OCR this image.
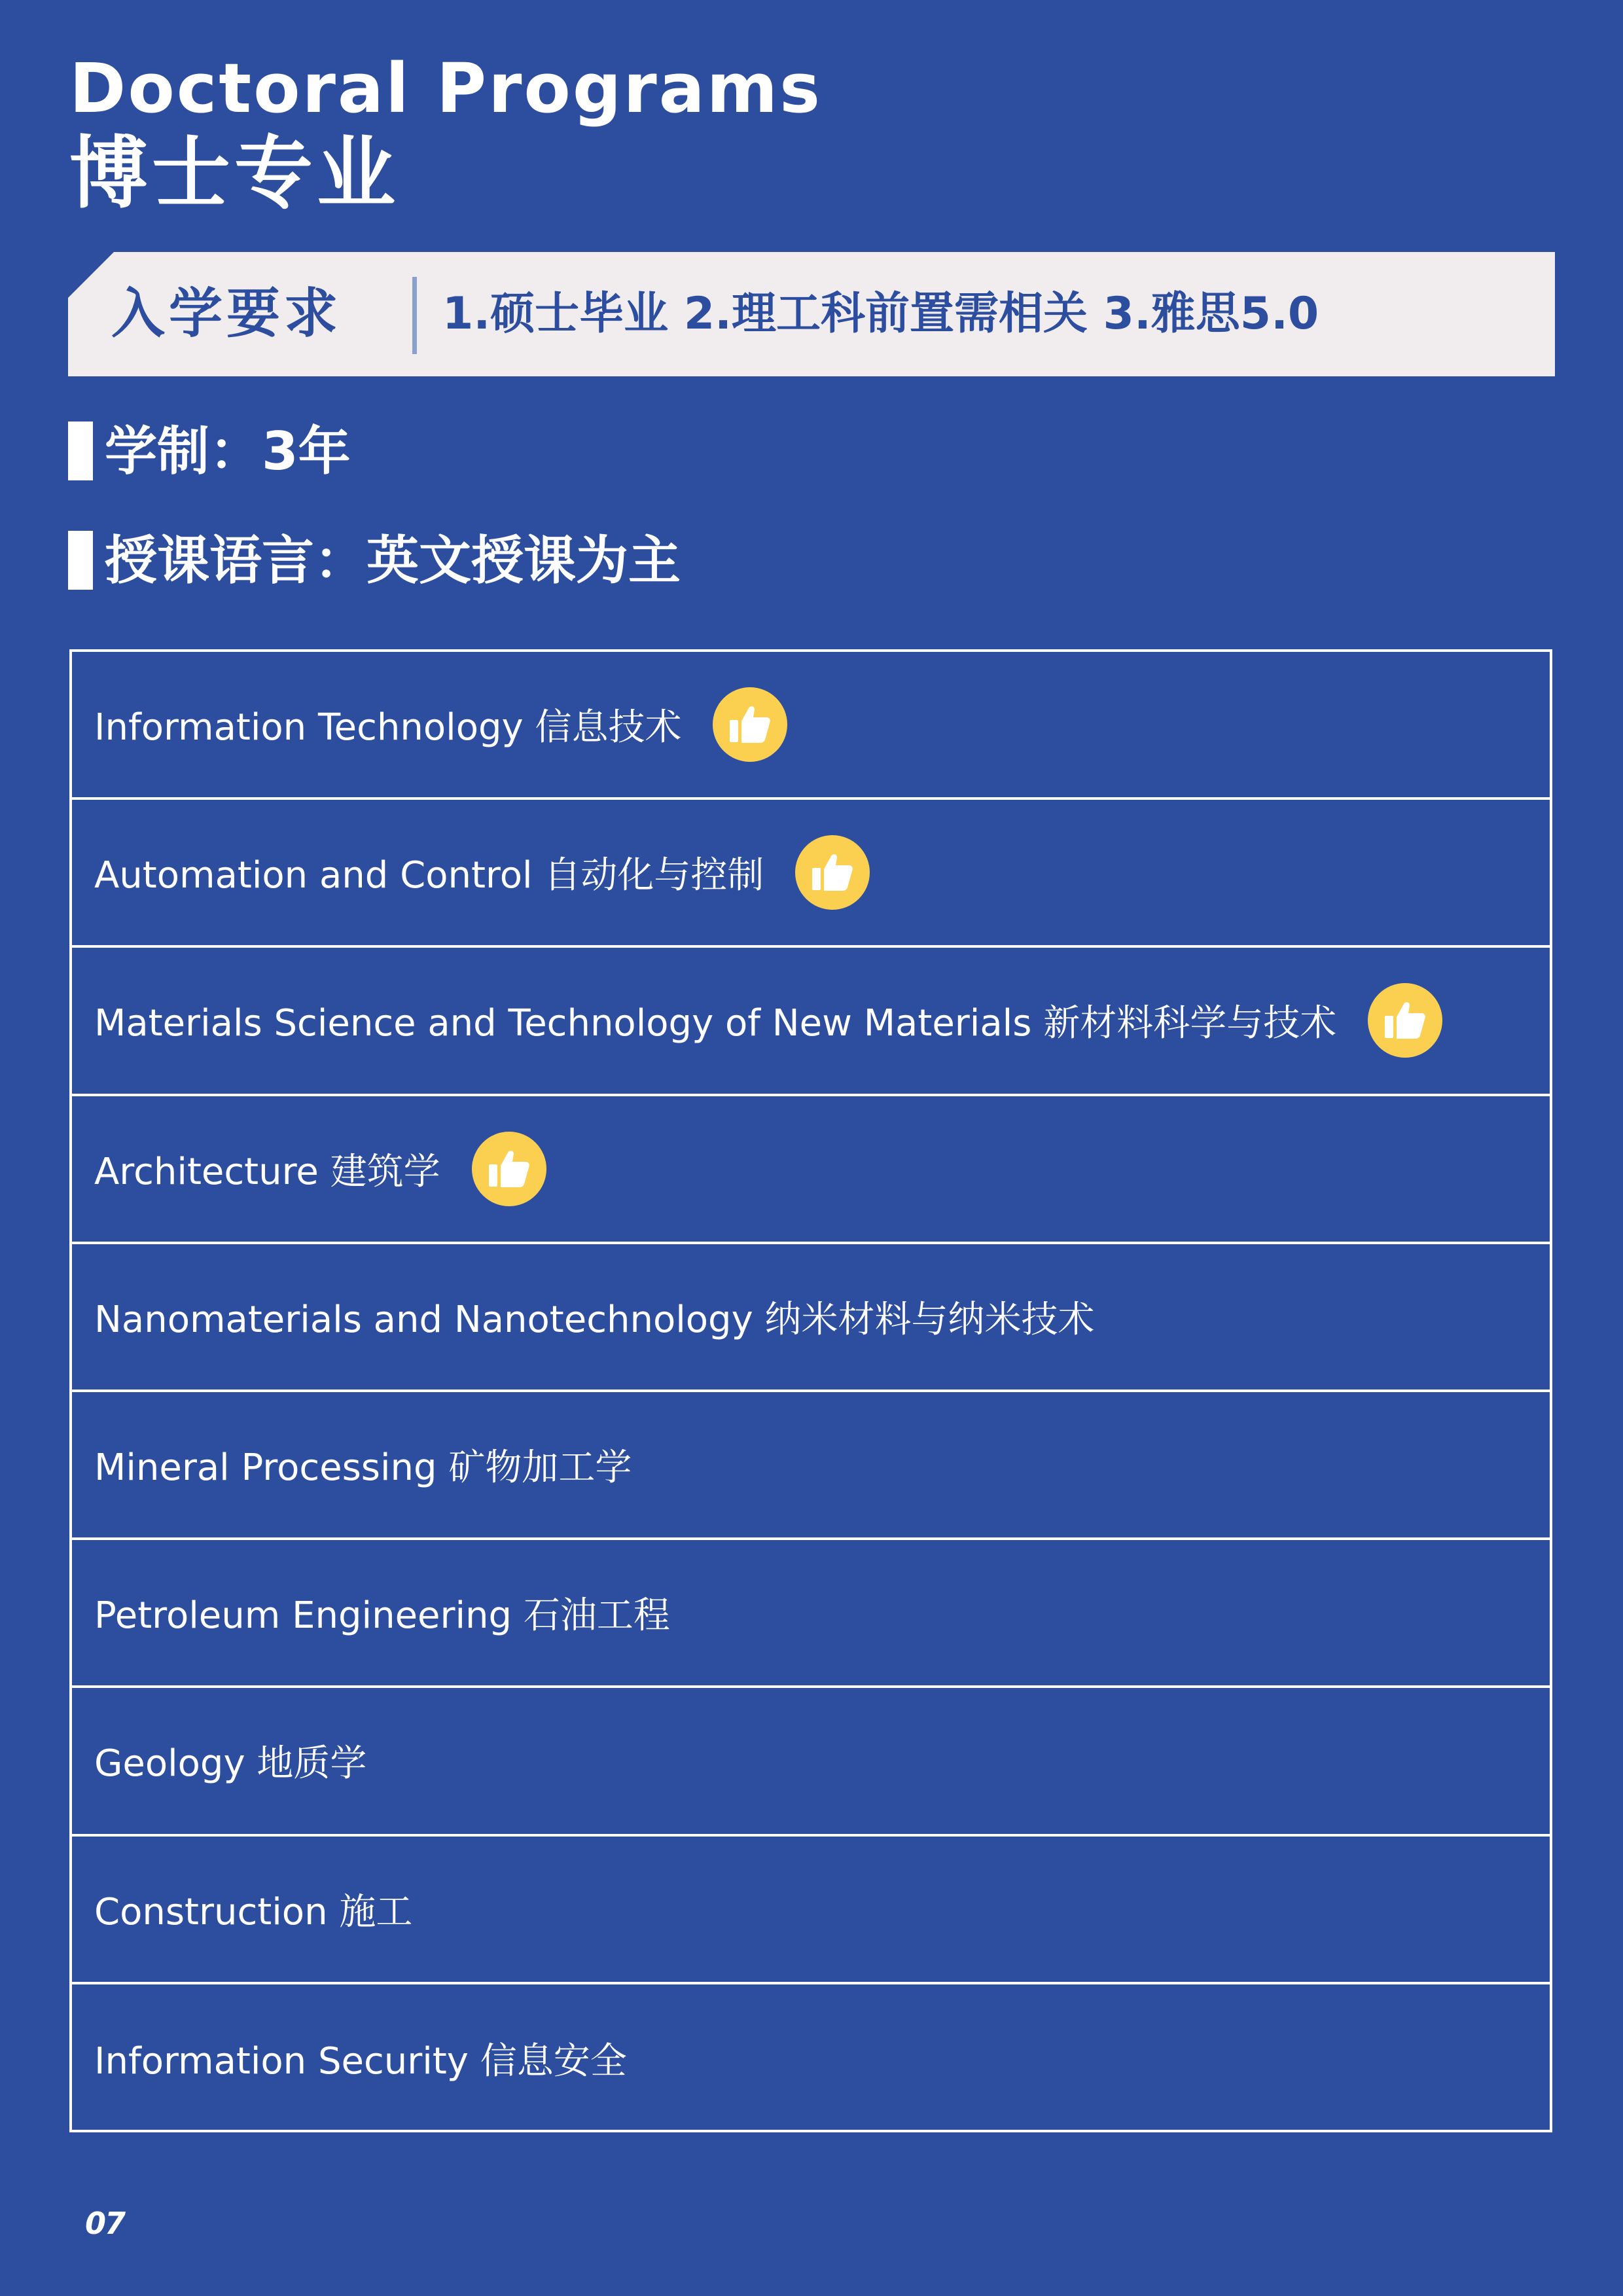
Doctoral Programs
博士专业
入学要求 1.硕士毕业 2.理工科前置需相关 3.雅思5.0
学制：3年
授课语言：英文授课为主
Information Technology 信息技术
Automation and Control 自动化与控制
Materials Science and Technology of New Materials 新材料科学与技术
Architecture 建筑学
Nanomaterials and Nanotechnology 纳米材料与纳米技术
Mineral Processing 矿物加工学
Petroleum Engineering 石油工程
Geology 地质学
Construction 施工
Information Security 信息安全
07
